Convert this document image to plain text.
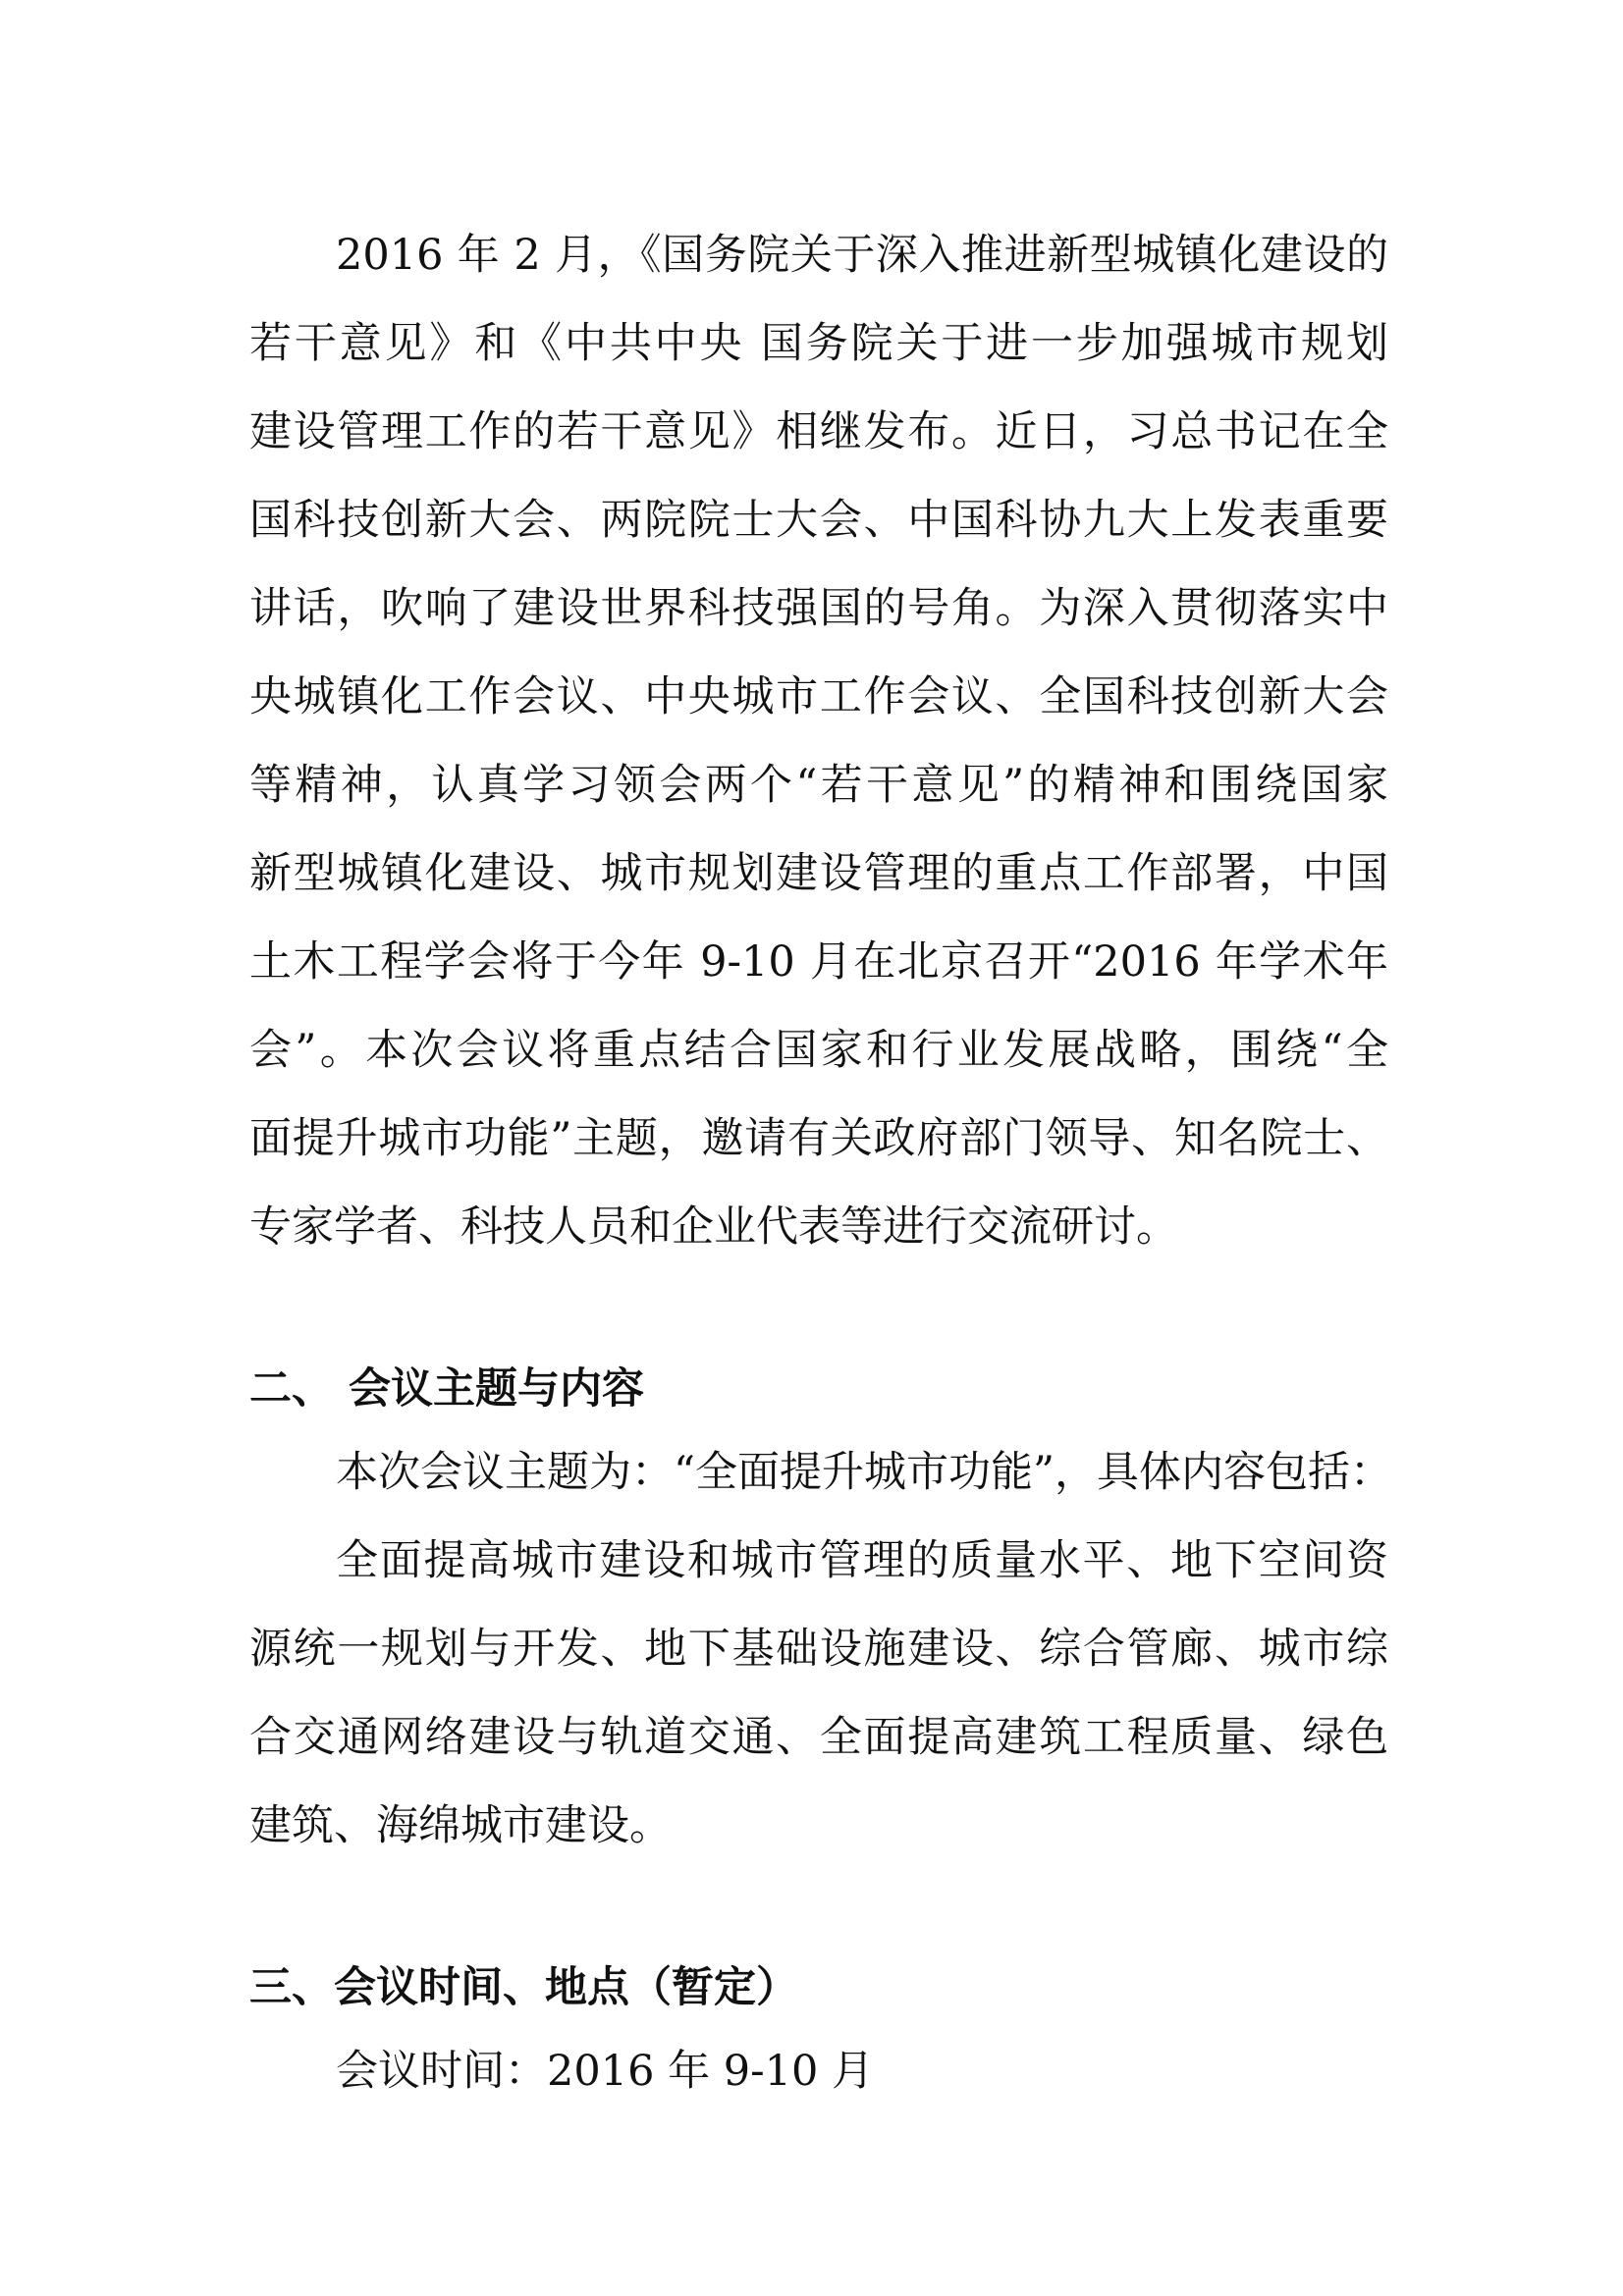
2016 年 2 月，《国务院关于深入推进新型城镇化建设的
若干意见》和《中共中央 国务院关于进一步加强城市规划
建设管理工作的若干意见》相继发布。近日，习总书记在全
国科技创新大会、两院院士大会、中国科协九大上发表重要
讲话，吹响了建设世界科技强国的号角。为深入贯彻落实中
央城镇化工作会议、中央城市工作会议、全国科技创新大会
等精神，认真学习领会两个“若干意见”的精神和围绕国家
新型城镇化建设、城市规划建设管理的重点工作部署，中国
土木工程学会将于今年 9-10 月在北京召开“2016 年学术年
会”。本次会议将重点结合国家和行业发展战略，围绕“全
面提升城市功能”主题，邀请有关政府部门领导、知名院士、
专家学者、科技人员和企业代表等进行交流研讨。
二、 会议主题与内容
本次会议主题为：“全面提升城市功能”，具体内容包括：
全面提高城市建设和城市管理的质量水平、地下空间资
源统一规划与开发、地下基础设施建设、综合管廊、城市综
合交通网络建设与轨道交通、全面提高建筑工程质量、绿色
建筑、海绵城市建设。
三、会议时间、地点（暂定）
会议时间：2016 年 9-10 月
